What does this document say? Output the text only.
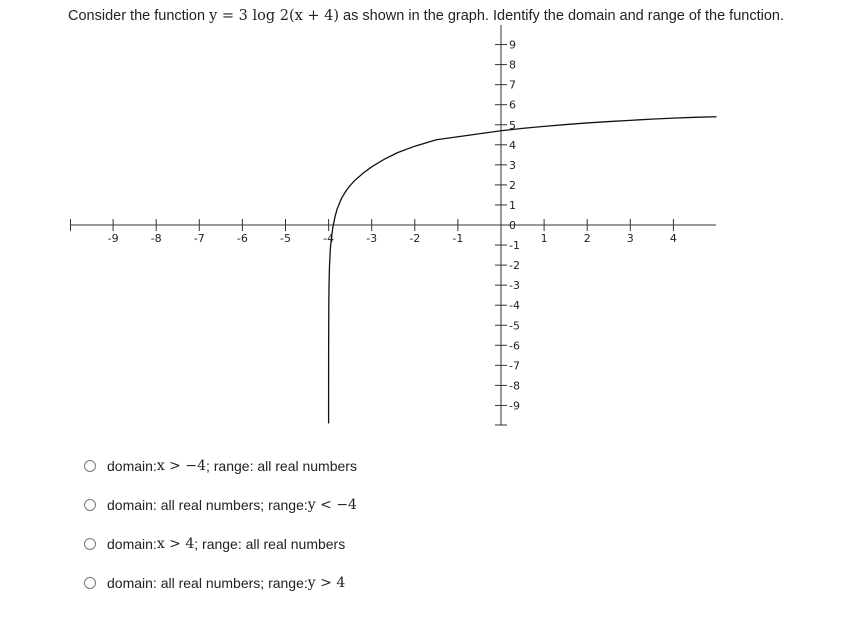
Consider the function y = 3 log 2(x + 4) as shown in the graph. Identify the domain and range of the function.
-9	-8	-7	-6	-5	-4	-3	-2	-1	1	2	3	4
9
8
7
6
5
4
3
2
1
0
-1
-2
-3
-4
-5
-6
-7
-8
-9
domain: x > −4 ; range: all real numbers
domain: all real numbers; range: y < −4
domain: x > 4 ; range: all real numbers
domain: all real numbers; range: y > 4
